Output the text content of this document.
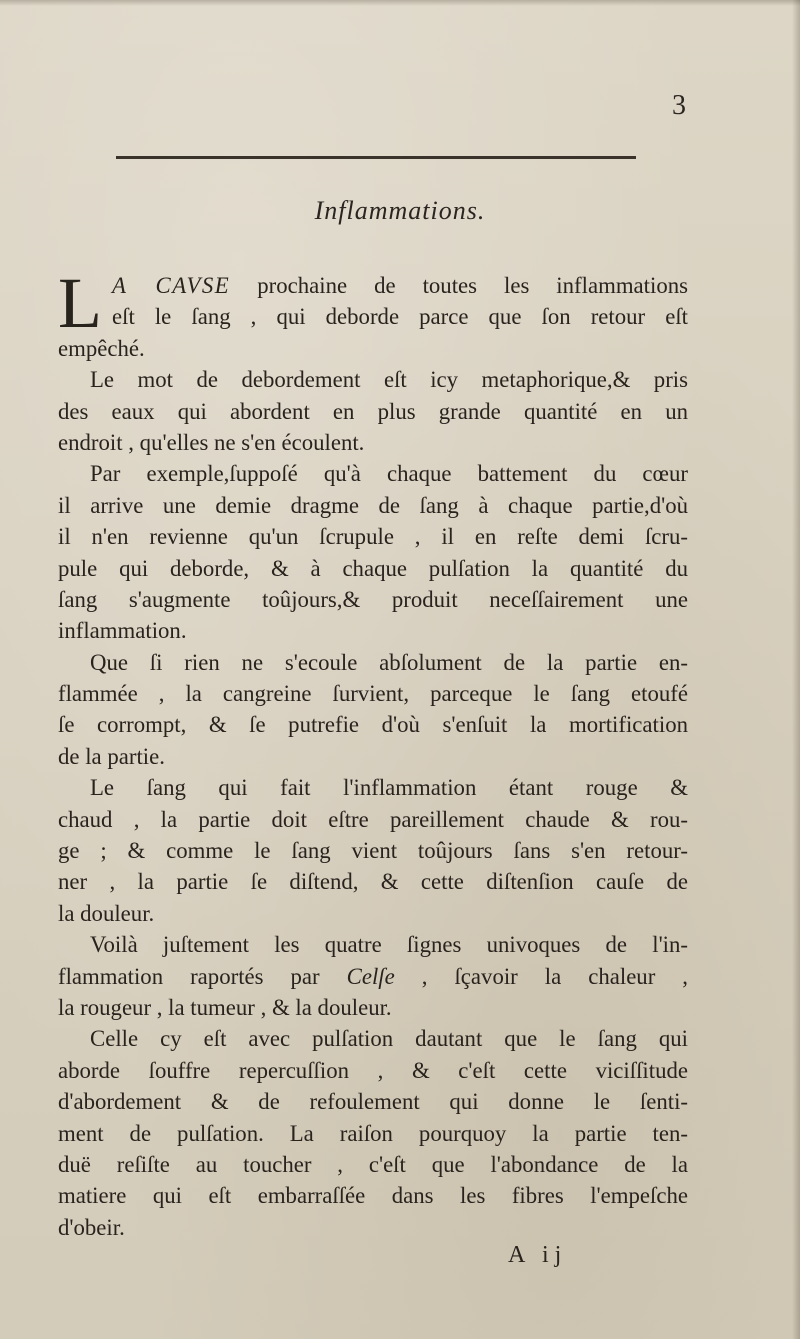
3
Inflammations.
L A CAVSE prochaine de toutes les inflammations
eſt le ſang , qui deborde parce que ſon retour eſt
empêché.
Le mot de debordement eſt icy metaphorique,& pris
des eaux qui abordent en plus grande quantité en un
endroit , qu'elles ne s'en écoulent.
Par exemple,ſuppoſé qu'à chaque battement du cœur
il arrive une demie dragme de ſang à chaque partie,d'où
il n'en revienne qu'un ſcrupule , il en reſte demi ſcru-
pule qui deborde, & à chaque pulſation la quantité du
ſang s'augmente toûjours,& produit neceſſairement une
inflammation.
Que ſi rien ne s'ecoule abſolument de la partie en-
flammée , la cangreine ſurvient, parceque le ſang etoufé
ſe corrompt, & ſe putrefie d'où s'enſuit la mortification
de la partie.
Le ſang qui fait l'inflammation étant rouge &
chaud , la partie doit eſtre pareillement chaude & rou-
ge ; & comme le ſang vient toûjours ſans s'en retour-
ner , la partie ſe diſtend, & cette diſtenſion cauſe de
la douleur.
Voilà juſtement les quatre ſignes univoques de l'in-
flammation raportés par Celſe , ſçavoir la chaleur ,
la rougeur , la tumeur , & la douleur.
Celle cy eſt avec pulſation dautant que le ſang qui
aborde ſouffre repercuſſion , & c'eſt cette viciſſitude
d'abordement & de refoulement qui donne le ſenti-
ment de pulſation. La raiſon pourquoy la partie ten-
duë reſiſte au toucher , c'eſt que l'abondance de la
matiere qui eſt embarraſſée dans les fibres l'empeſche
d'obeir.
A ij
